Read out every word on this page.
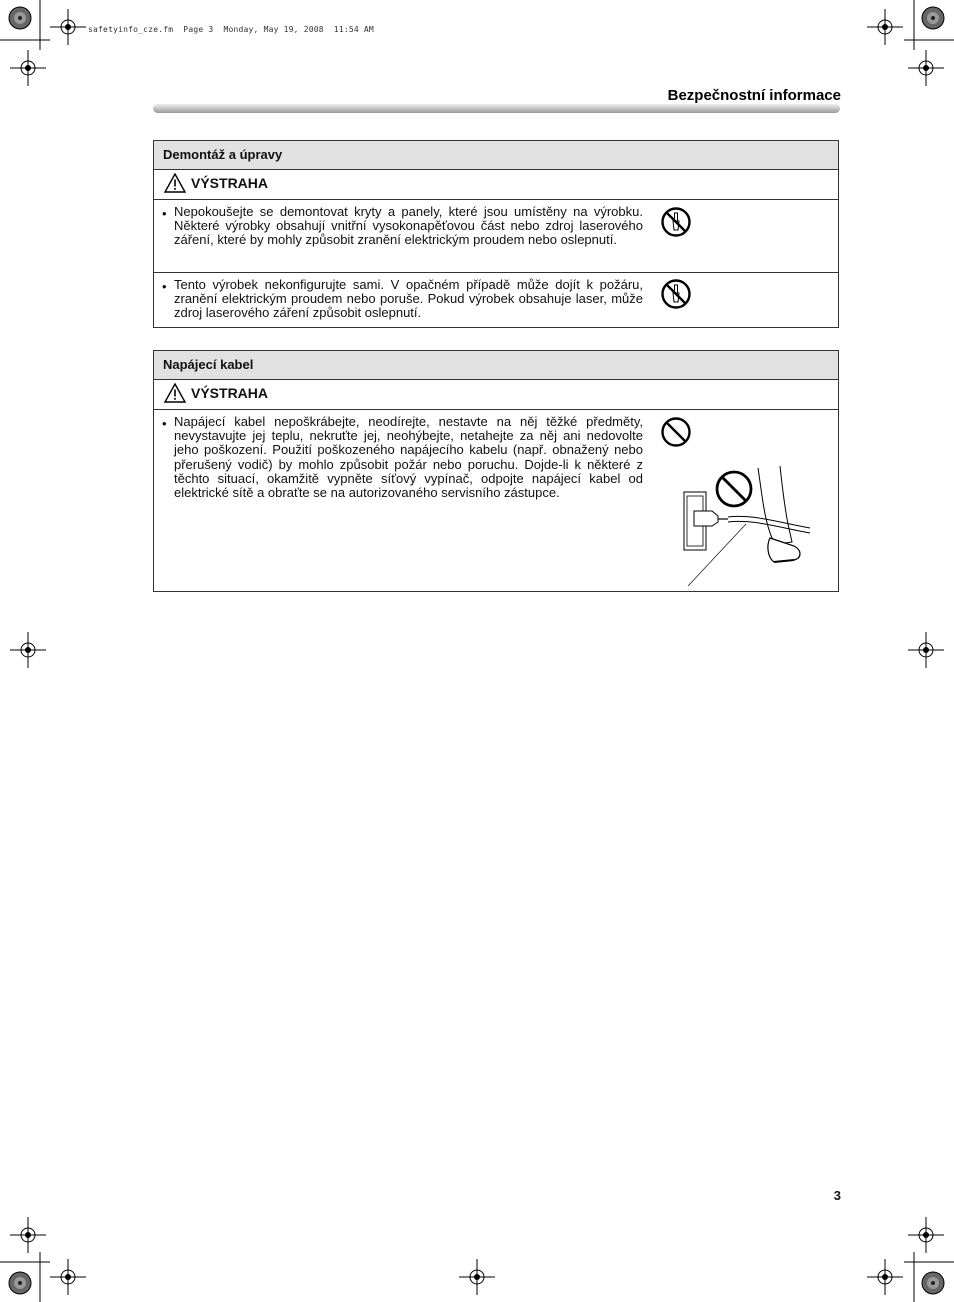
safetyinfo_cze.fm  Page 3  Monday, May 19, 2008  11:54 AM
Bezpečnostní informace
Demontáž a úpravy
VÝSTRAHA
• Nepokoušejte se demontovat kryty a panely, které jsou umístěny na výrobku. Některé výrobky obsahují vnitřní vysokonapěťovou část nebo zdroj laserového záření, které by mohly způsobit zranění elektrickým proudem nebo oslepnutí.
• Tento výrobek nekonfigurujte sami. V opačném případě může dojít k požáru, zranění elektrickým proudem nebo poruše. Pokud výrobek obsahuje laser, může zdroj laserového záření způsobit oslepnutí.
Napájecí kabel
VÝSTRAHA
• Napájecí kabel nepoškrábejte, neodírejte, nestavte na něj těžké předměty, nevystavujte jej teplu, nekruťte jej, neohýbejte, netahejte za něj ani nedovolte jeho poškození. Použití poškozeného napájecího kabelu (např. obnažený nebo přerušený vodič) by mohlo způsobit požár nebo poruchu. Dojde-li k některé z těchto situací, okamžitě vypněte síťový vypínač, odpojte napájecí kabel od elektrické sítě a obraťte se na autorizovaného servisního zástupce.
3
